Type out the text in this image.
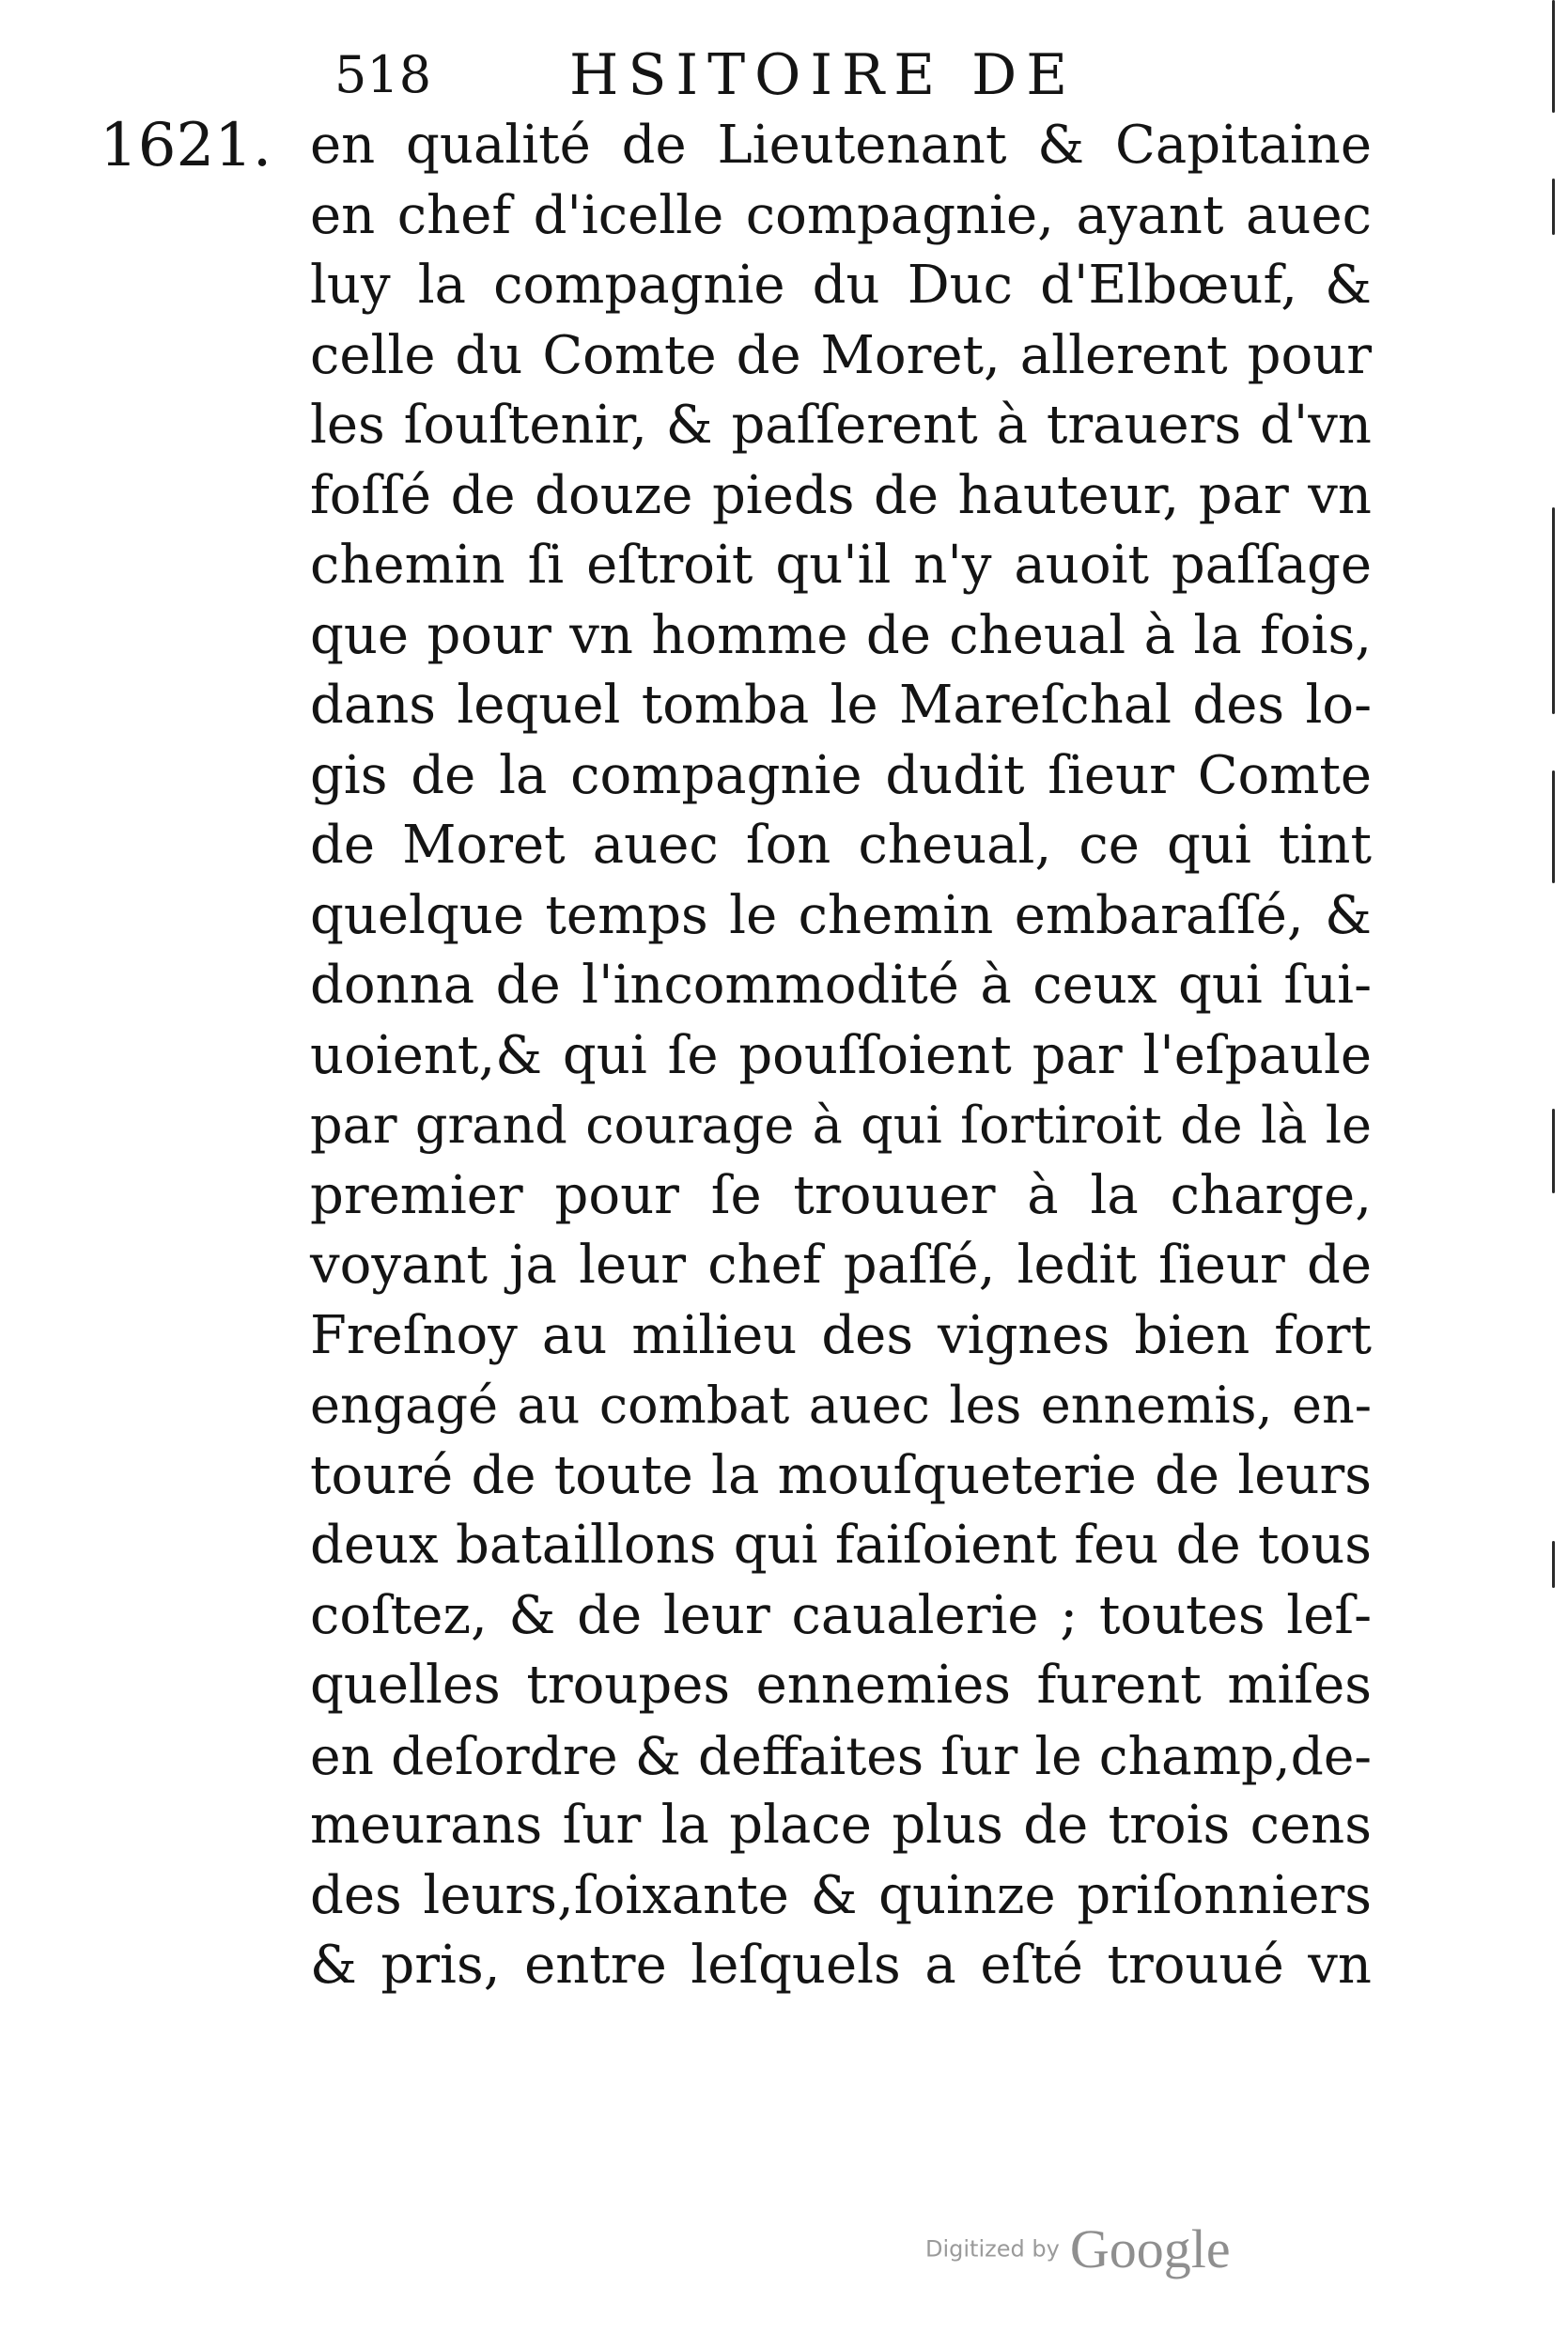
518 HSITOIRE DE
1621. en qualité de Lieutenant & Capitaine
en chef d'icelle compagnie, ayant auec
luy la compagnie du Duc d'Elbœuf, &
celle du Comte de Moret, allerent pour
les ſouſtenir, & paſſerent à trauers d'vn
foſſé de douze pieds de hauteur, par vn
chemin ſi eſtroit qu'il n'y auoit paſſage
que pour vn homme de cheual à la fois,
dans lequel tomba le Mareſchal des lo-
gis de la compagnie dudit ſieur Comte
de Moret auec ſon cheual, ce qui tint
quelque temps le chemin embaraſſé, &
donna de l'incommodité à ceux qui ſui-
uoient,& qui ſe pouſſoient par l'eſpaule
par grand courage à qui ſortiroit de là le
premier pour ſe trouuer à la charge,
voyant ja leur chef paſſé, ledit ſieur de
Freſnoy au milieu des vignes bien fort
engagé au combat auec les ennemis, en-
touré de toute la mouſqueterie de leurs
deux bataillons qui faiſoient feu de tous
coſtez, & de leur caualerie ; toutes leſ-
quelles troupes ennemies furent miſes
en deſordre & deffaites ſur le champ,de-
meurans ſur la place plus de trois cens
des leurs,ſoixante & quinze priſonniers
& pris, entre leſquels a eſté trouué vn
Digitized by Google
